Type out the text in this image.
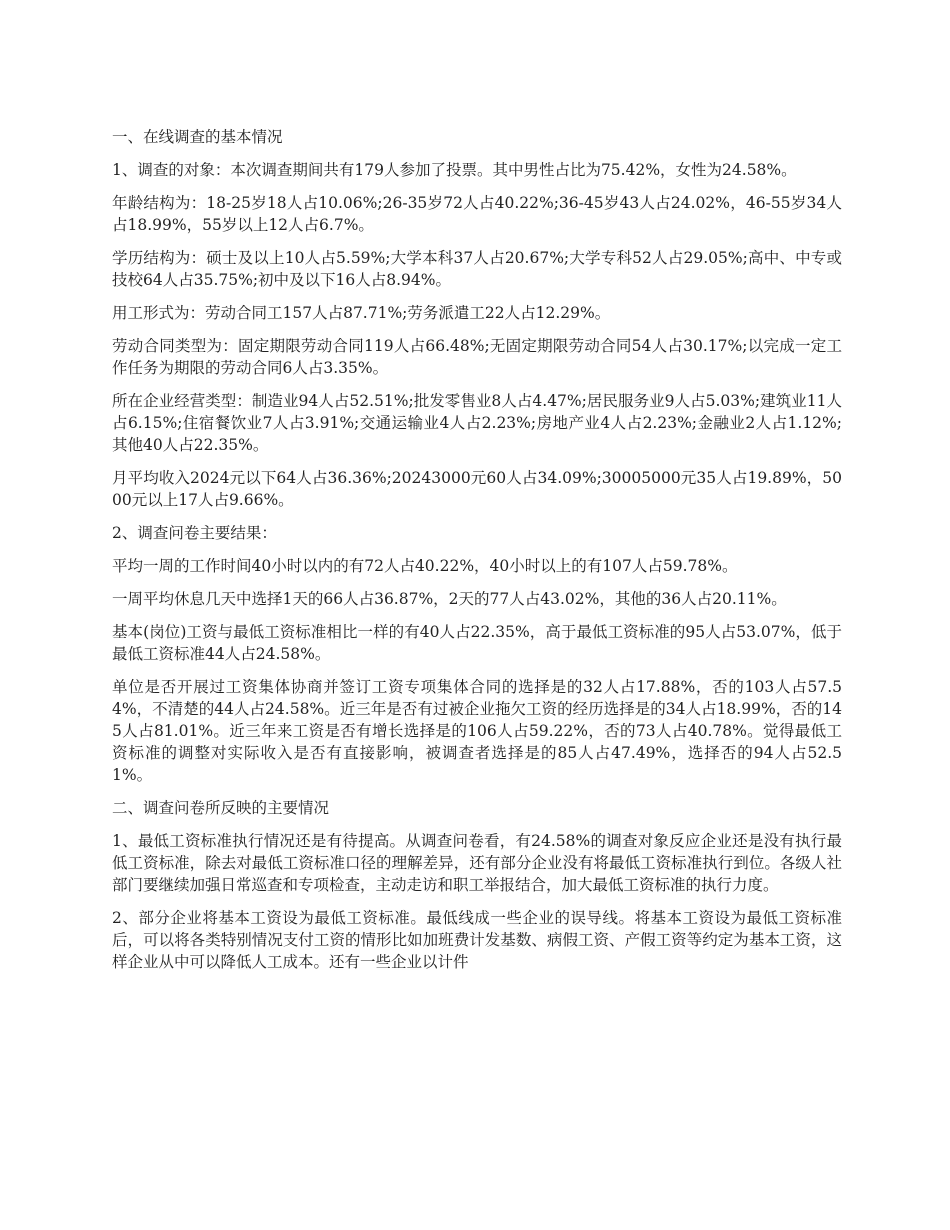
一、在线调查的基本情况

1、调查的对象：本次调查期间共有179人参加了投票。其中男性占比为75.42%，女性为24.58%。

年龄结构为：18-25岁18人占10.06%;26-35岁72人占40.22%;36-45岁43人占24.02%，46-55岁34人占18.99%，55岁以上12人占6.7%。

学历结构为：硕士及以上10人占5.59%;大学本科37人占20.67%;大学专科52人占29.05%;高中、中专或技校64人占35.75%;初中及以下16人占8.94%。

用工形式为：劳动合同工157人占87.71%;劳务派遣工22人占12.29%。

劳动合同类型为：固定期限劳动合同119人占66.48%;无固定期限劳动合同54人占30.17%;以完成一定工作任务为期限的劳动合同6人占3.35%。

所在企业经营类型：制造业94人占52.51%;批发零售业8人占4.47%;居民服务业9人占5.03%;建筑业11人占6.15%;住宿餐饮业7人占3.91%;交通运输业4人占2.23%;房地产业4人占2.23%;金融业2人占1.12%;其他40人占22.35%。

月平均收入2024元以下64人占36.36%;20243000元60人占34.09%;30005000元35人占19.89%，5000元以上17人占9.66%。

2、调查问卷主要结果：

平均一周的工作时间40小时以内的有72人占40.22%，40小时以上的有107人占59.78%。

一周平均休息几天中选择1天的66人占36.87%，2天的77人占43.02%，其他的36人占20.11%。

基本(岗位)工资与最低工资标准相比一样的有40人占22.35%，高于最低工资标准的95人占53.07%，低于最低工资标准44人占24.58%。

单位是否开展过工资集体协商并签订工资专项集体合同的选择是的32人占17.88%，否的103人占57.54%，不清楚的44人占24.58%。近三年是否有过被企业拖欠工资的经历选择是的34人占18.99%，否的145人占81.01%。近三年来工资是否有增长选择是的106人占59.22%，否的73人占40.78%。觉得最低工资标准的调整对实际收入是否有直接影响，被调查者选择是的85人占47.49%，选择否的94人占52.51%。

二、调查问卷所反映的主要情况

1、最低工资标准执行情况还是有待提高。从调查问卷看，有24.58%的调查对象反应企业还是没有执行最低工资标准，除去对最低工资标准口径的理解差异，还有部分企业没有将最低工资标准执行到位。各级人社部门要继续加强日常巡查和专项检查，主动走访和职工举报结合，加大最低工资标准的执行力度。

2、部分企业将基本工资设为最低工资标准。最低线成一些企业的误导线。将基本工资设为最低工资标准后，可以将各类特别情况支付工资的情形比如加班费计发基数、病假工资、产假工资等约定为基本工资，这样企业从中可以降低人工成本。还有一些企业以计件
